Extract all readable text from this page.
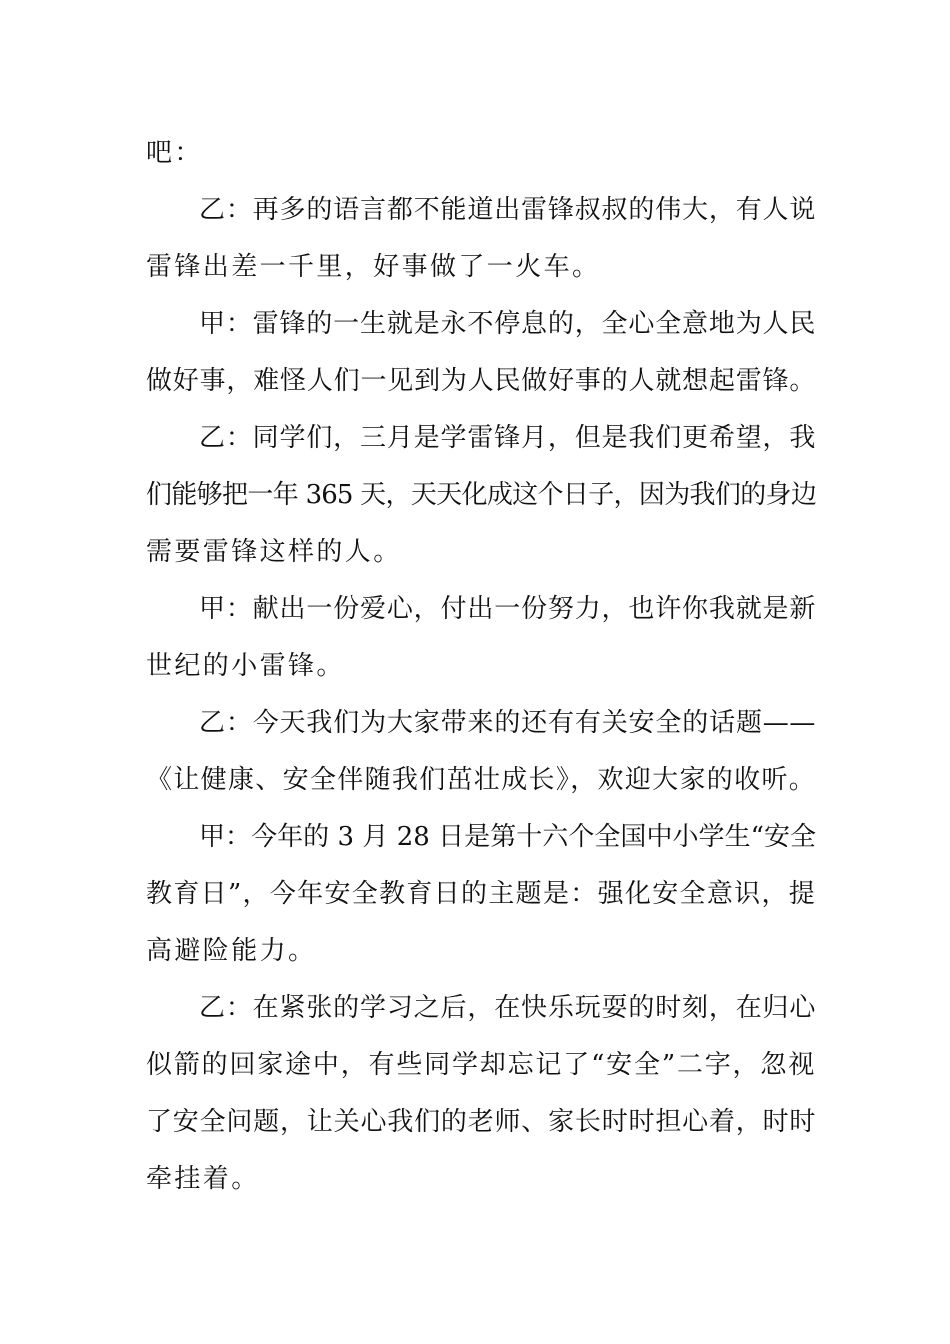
吧：
乙：再多的语言都不能道出雷锋叔叔的伟大，有人说
雷锋出差一千里，好事做了一火车。
甲：雷锋的一生就是永不停息的，全心全意地为人民
做好事，难怪人们一见到为人民做好事的人就想起雷锋。
乙：同学们，三月是学雷锋月，但是我们更希望，我
们能够把一年 365 天，天天化成这个日子，因为我们的身边
需要雷锋这样的人。
甲：献出一份爱心，付出一份努力，也许你我就是新
世纪的小雷锋。
乙：今天我们为大家带来的还有有关安全的话题——
《让健康、安全伴随我们茁壮成长》，欢迎大家的收听。
甲：今年的 3 月 28 日是第十六个全国中小学生“安全
教育日”，今年安全教育日的主题是：强化安全意识，提
高避险能力。
乙：在紧张的学习之后，在快乐玩耍的时刻，在归心
似箭的回家途中，有些同学却忘记了“安全”二字，忽视
了安全问题，让关心我们的老师、家长时时担心着，时时
牵挂着。
